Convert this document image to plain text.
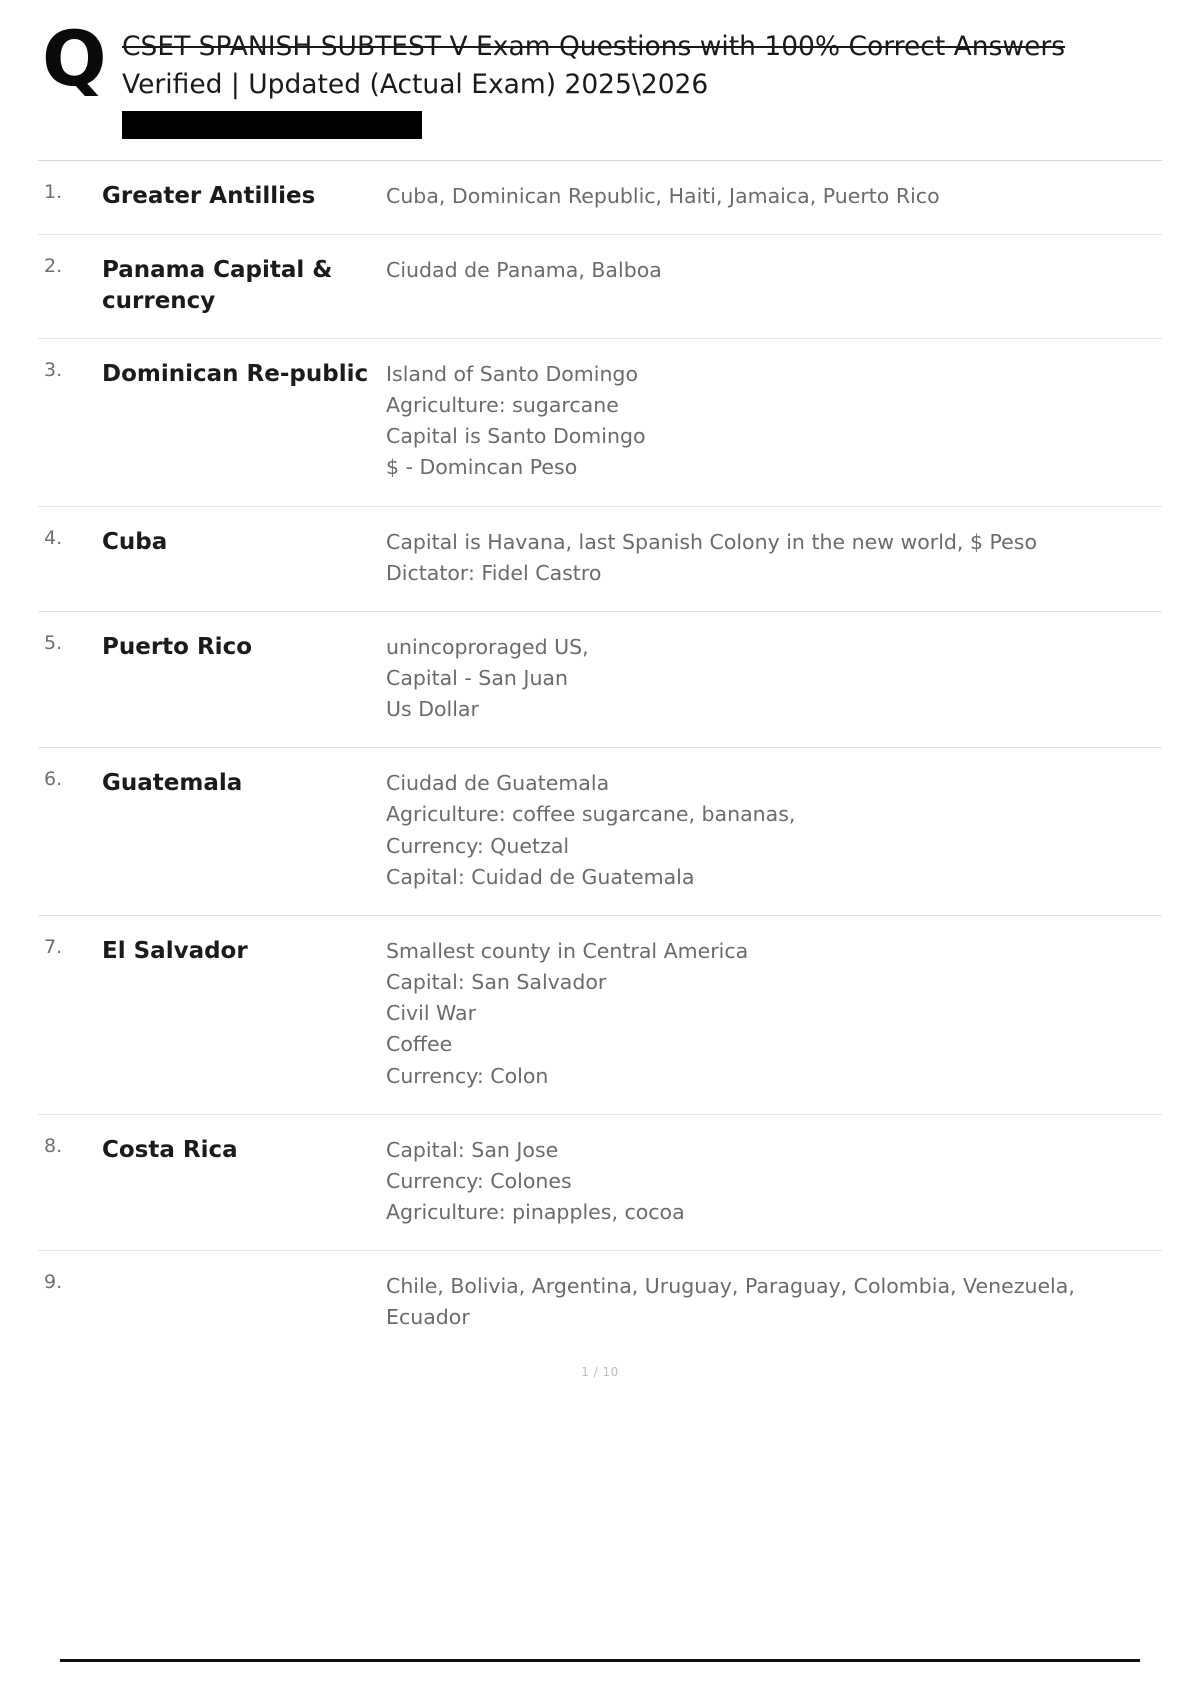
Q CSET SPANISH SUBTEST V Exam Questions with 100% Correct Answers Verified | Updated (Actual Exam) 2025\2026
1.	Greater Antillies	Cuba, Dominican Republic, Haiti, Jamaica, Puerto Rico

2.	Panama Capital & currency	Ciudad de Panama, Balboa

3.	Dominican Re-public	Island of Santo Domingo
Agriculture: sugarcane
Capital is Santo Domingo
$ - Domincan Peso

4.	Cuba	Capital is Havana, last Spanish Colony in the new world, $ Peso
Dictator: Fidel Castro

5.	Puerto Rico	unincoproraged US,
Capital - San Juan
Us Dollar

6.	Guatemala	Ciudad de Guatemala
Agriculture: coffee sugarcane, bananas,
Currency: Quetzal
Capital: Cuidad de Guatemala

7.	El Salvador	Smallest county in Central America
Capital: San Salvador
Civil War
Coffee
Currency: Colon

8.	Costa Rica	Capital: San Jose
Currency: Colones
Agriculture: pinapples, cocoa

9.		Chile, Bolivia, Argentina, Uruguay, Paraguay, Colombia, Venezuela, Ecuador
1 / 10
